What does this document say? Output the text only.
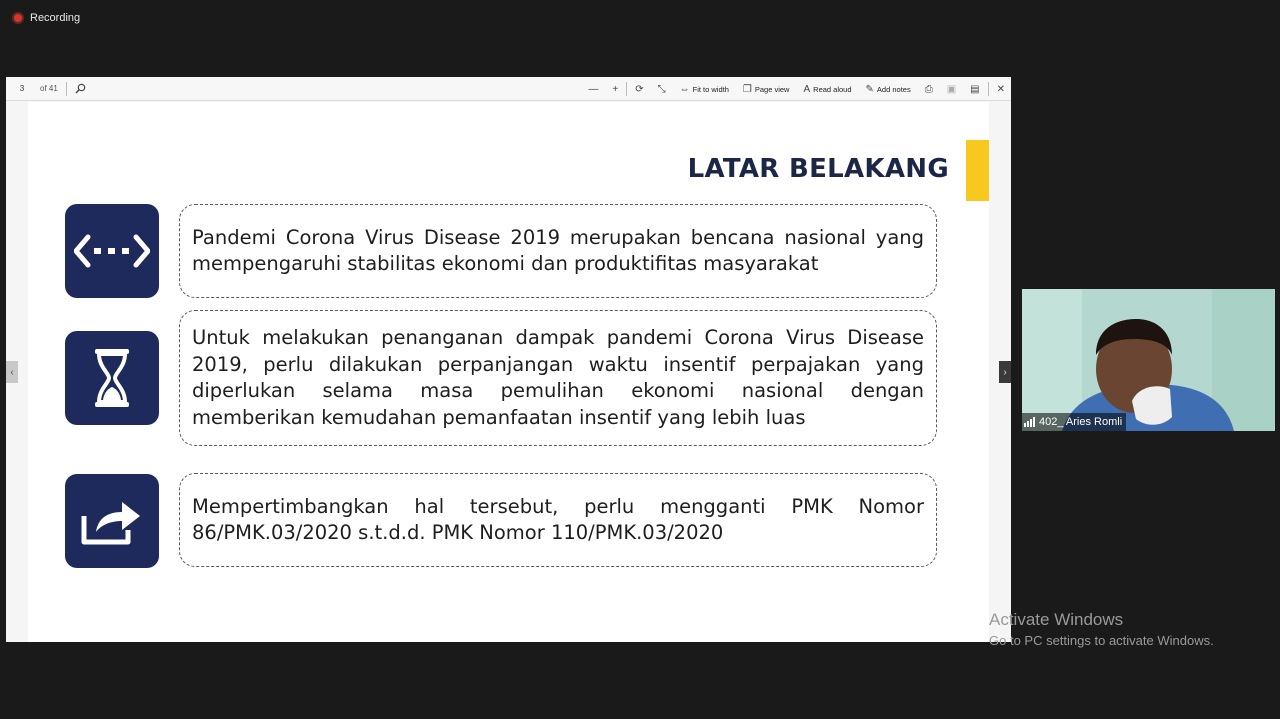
Recording
3 of 41	— + ⟳ ⤡ ⇔ Fit to width ❐ Page view A Read aloud ✎ Add notes ⎙ ▣ ▤ ✕
‹	›
LATAR BELAKANG

Pandemi Corona Virus Disease 2019 merupakan bencana nasional yang mempengaruhi stabilitas ekonomi dan produktifitas masyarakat

Untuk melakukan penanganan dampak pandemi Corona Virus Disease 2019, perlu dilakukan perpanjangan waktu insentif perpajakan yang diperlukan selama masa pemulihan ekonomi nasional dengan memberikan kemudahan pemanfaatan insentif yang lebih luas

Mempertimbangkan hal tersebut, perlu mengganti PMK Nomor 86/PMK.03/2020 s.t.d.d. PMK Nomor 110/PMK.03/2020

402_ Aries Romli
Activate Windows
Go to PC settings to activate Windows.
